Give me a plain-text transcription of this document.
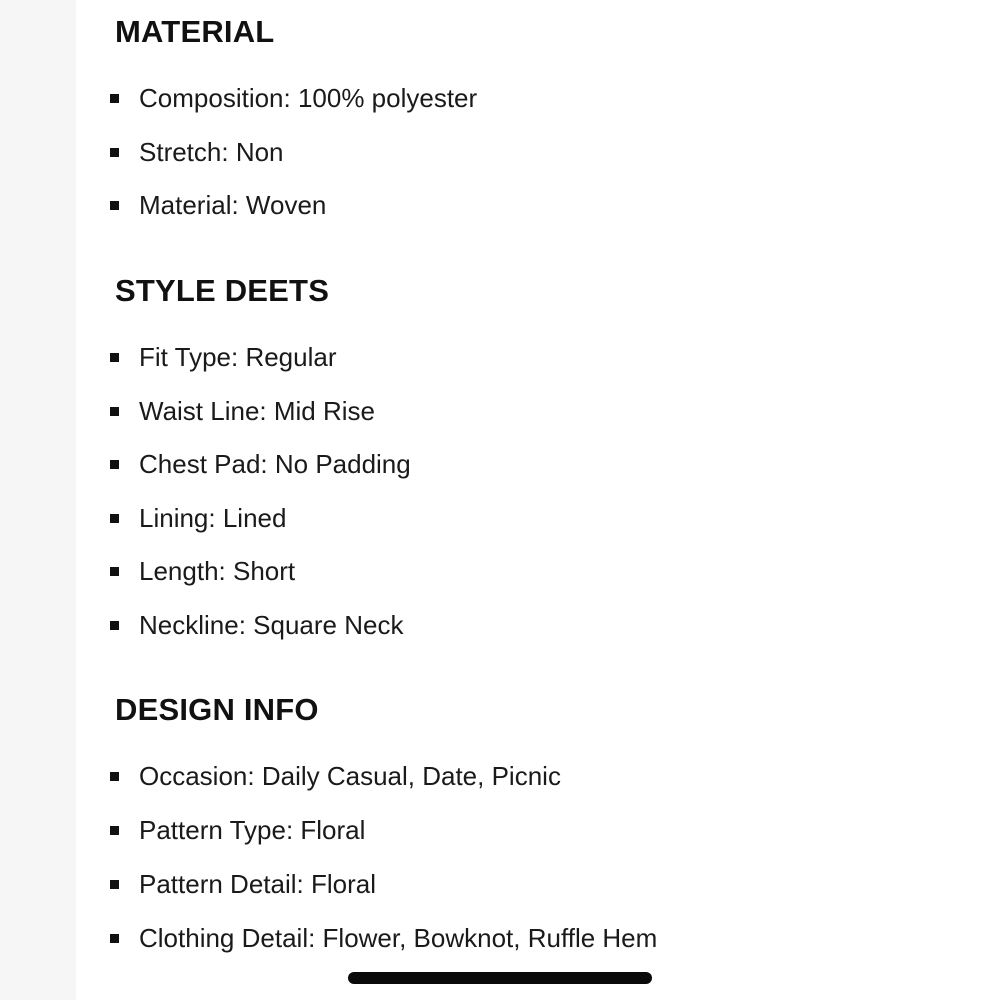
MATERIAL
Composition: 100% polyester
Stretch: Non
Material: Woven
STYLE DEETS
Fit Type: Regular
Waist Line: Mid Rise
Chest Pad: No Padding
Lining: Lined
Length: Short
Neckline: Square Neck
DESIGN INFO
Occasion: Daily Casual, Date, Picnic
Pattern Type: Floral
Pattern Detail: Floral
Clothing Detail: Flower, Bowknot, Ruffle Hem
